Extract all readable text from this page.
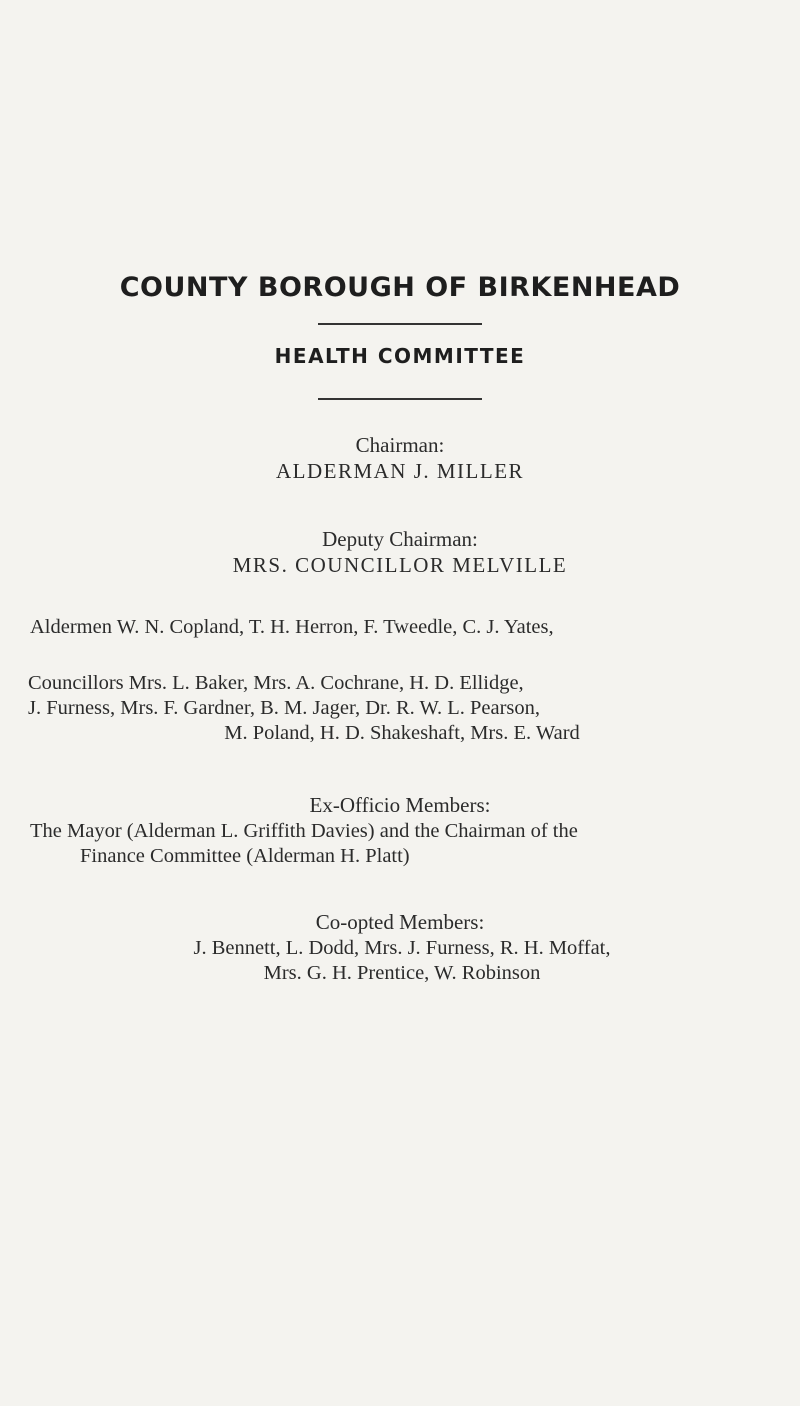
COUNTY BOROUGH OF BIRKENHEAD
HEALTH COMMITTEE
Chairman:
ALDERMAN J. MILLER
Deputy Chairman:
MRS. COUNCILLOR MELVILLE
Aldermen W. N. Copland, T. H. Herron, F. Tweedle, C. J. Yates,
Councillors Mrs. L. Baker, Mrs. A. Cochrane, H. D. Ellidge,
J. Furness, Mrs. F. Gardner, B. M. Jager, Dr. R. W. L. Pearson,
M. Poland, H. D. Shakeshaft, Mrs. E. Ward
Ex-Officio Members:
The Mayor (Alderman L. Griffith Davies) and the Chairman of the
Finance Committee (Alderman H. Platt)
Co-opted Members:
J. Bennett, L. Dodd, Mrs. J. Furness, R. H. Moffat,
Mrs. G. H. Prentice, W. Robinson
